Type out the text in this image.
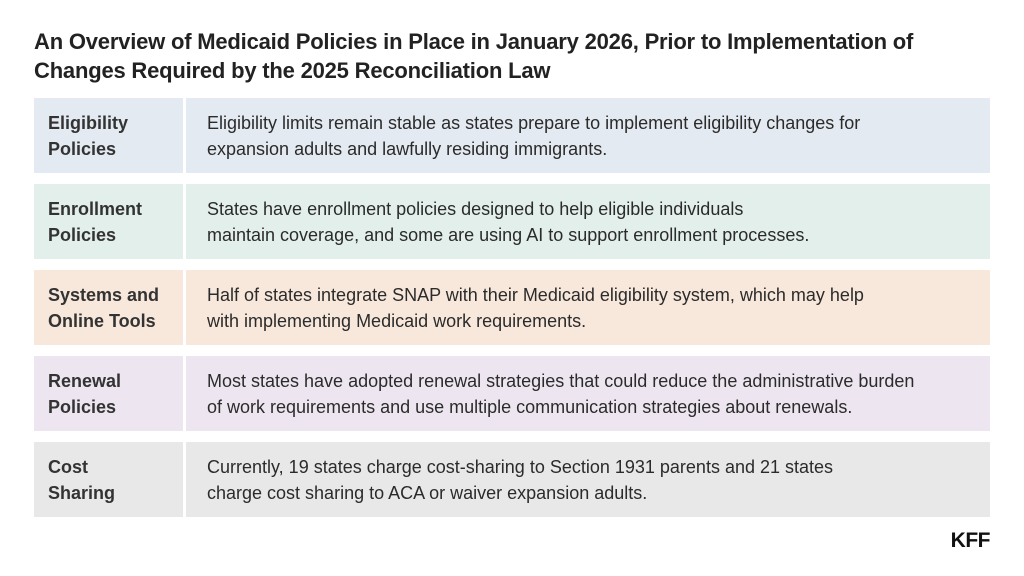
An Overview of Medicaid Policies in Place in January 2026, Prior to Implementation of Changes Required by the 2025 Reconciliation Law
Eligibility
Policies
Eligibility limits remain stable as states prepare to implement eligibility changes for
expansion adults and lawfully residing immigrants.
Enrollment
Policies
States have enrollment policies designed to help eligible individuals
maintain coverage, and some are using AI to support enrollment processes.
Systems and
Online Tools
Half of states integrate SNAP with their Medicaid eligibility system, which may help
with implementing Medicaid work requirements.
Renewal
Policies
Most states have adopted renewal strategies that could reduce the administrative burden
of work requirements and use multiple communication strategies about renewals.
Cost
Sharing
Currently, 19 states charge cost-sharing to Section 1931 parents and 21 states
charge cost sharing to ACA or waiver expansion adults.
KFF
